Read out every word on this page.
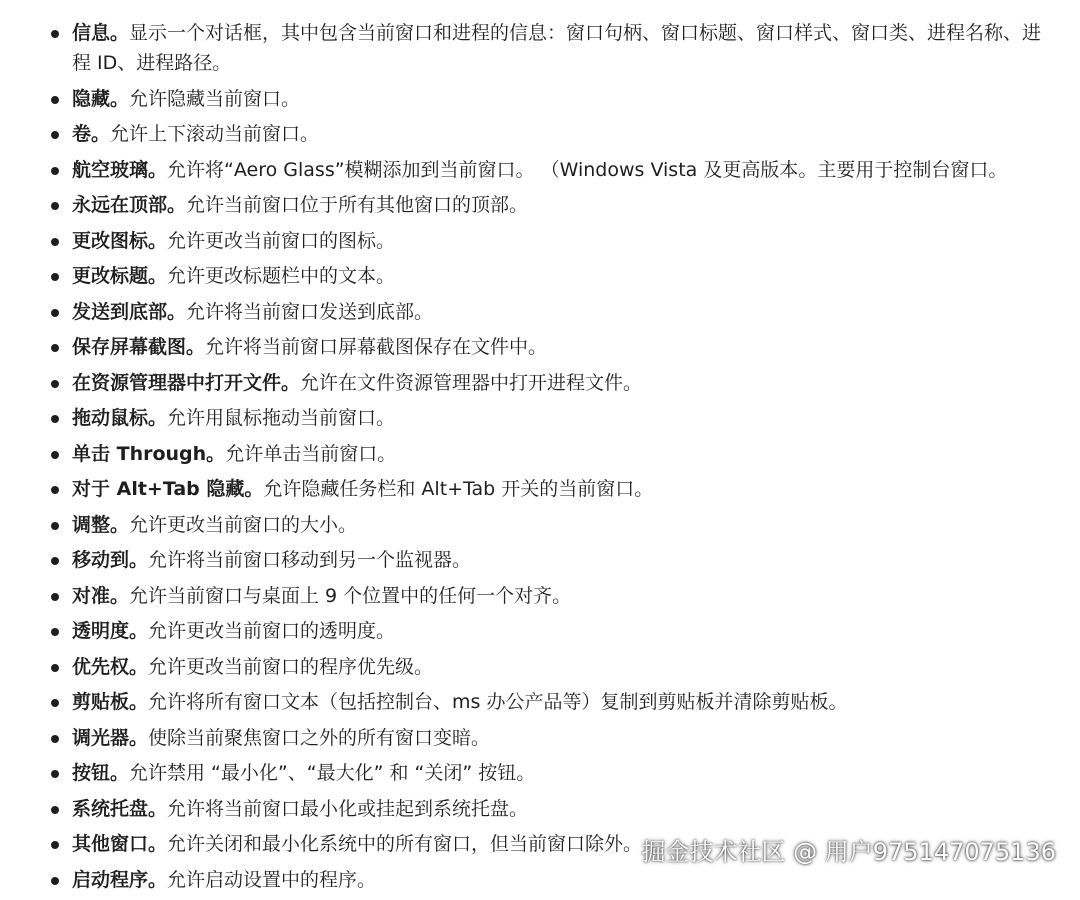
信息。显示一个对话框，其中包含当前窗口和进程的信息：窗口句柄、窗口标题、窗口样式、窗口类、进程名称、进程 ID、进程路径。
隐藏。允许隐藏当前窗口。
卷。允许上下滚动当前窗口。
航空玻璃。允许将“Aero Glass”模糊添加到当前窗口。 （Windows Vista 及更高版本。主要用于控制台窗口。
永远在顶部。允许当前窗口位于所有其他窗口的顶部。
更改图标。允许更改当前窗口的图标。
更改标题。允许更改标题栏中的文本。
发送到底部。允许将当前窗口发送到底部。
保存屏幕截图。允许将当前窗口屏幕截图保存在文件中。
在资源管理器中打开文件。允许在文件资源管理器中打开进程文件。
拖动鼠标。允许用鼠标拖动当前窗口。
单击 Through。允许单击当前窗口。
对于 Alt+Tab 隐藏。允许隐藏任务栏和 Alt+Tab 开关的当前窗口。
调整。允许更改当前窗口的大小。
移动到。允许将当前窗口移动到另一个监视器。
对准。允许当前窗口与桌面上 9 个位置中的任何一个对齐。
透明度。允许更改当前窗口的透明度。
优先权。允许更改当前窗口的程序优先级。
剪贴板。允许将所有窗口文本（包括控制台、ms 办公产品等）复制到剪贴板并清除剪贴板。
调光器。使除当前聚焦窗口之外的所有窗口变暗。
按钮。允许禁用 “最小化”、“最大化” 和 “关闭” 按钮。
系统托盘。允许将当前窗口最小化或挂起到系统托盘。
其他窗口。允许关闭和最小化系统中的所有窗口，但当前窗口除外。
启动程序。允许启动设置中的程序。
掘金技术社区 @ 用户975147075136
